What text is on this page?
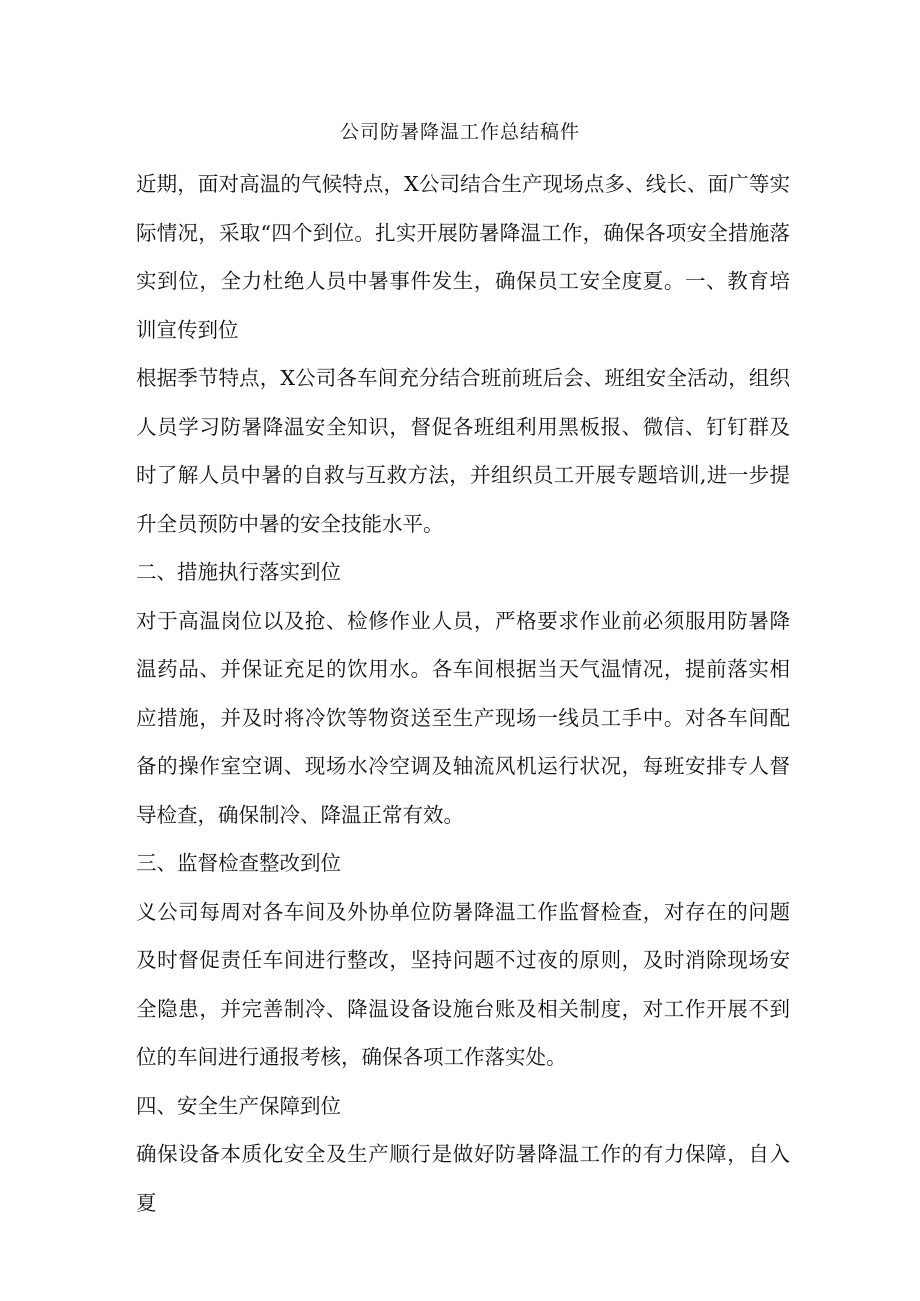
公司防暑降温工作总结稿件

近期，面对高温的气候特点，X公司结合生产现场点多、线长、面广等实际情况，采取“四个到位。扎实开展防暑降温工作，确保各项安全措施落实到位，全力杜绝人员中暑事件发生，确保员工安全度夏。一、教育培训宣传到位

根据季节特点，X公司各车间充分结合班前班后会、班组安全活动，组织人员学习防暑降温安全知识，督促各班组利用黑板报、微信、钉钉群及时了解人员中暑的自救与互救方法，并组织员工开展专题培训,进一步提升全员预防中暑的安全技能水平。

二、措施执行落实到位

对于高温岗位以及抢、检修作业人员，严格要求作业前必须服用防暑降温药品、并保证充足的饮用水。各车间根据当天气温情况，提前落实相应措施，并及时将冷饮等物资送至生产现场一线员工手中。对各车间配备的操作室空调、现场水冷空调及轴流风机运行状况，每班安排专人督导检查，确保制冷、降温正常有效。

三、监督检查整改到位

义公司每周对各车间及外协单位防暑降温工作监督检查，对存在的问题及时督促责任车间进行整改，坚持问题不过夜的原则，及时消除现场安全隐患，并完善制冷、降温设备设施台账及相关制度，对工作开展不到位的车间进行通报考核，确保各项工作落实处。

四、安全生产保障到位

确保设备本质化安全及生产顺行是做好防暑降温工作的有力保障，自入夏
